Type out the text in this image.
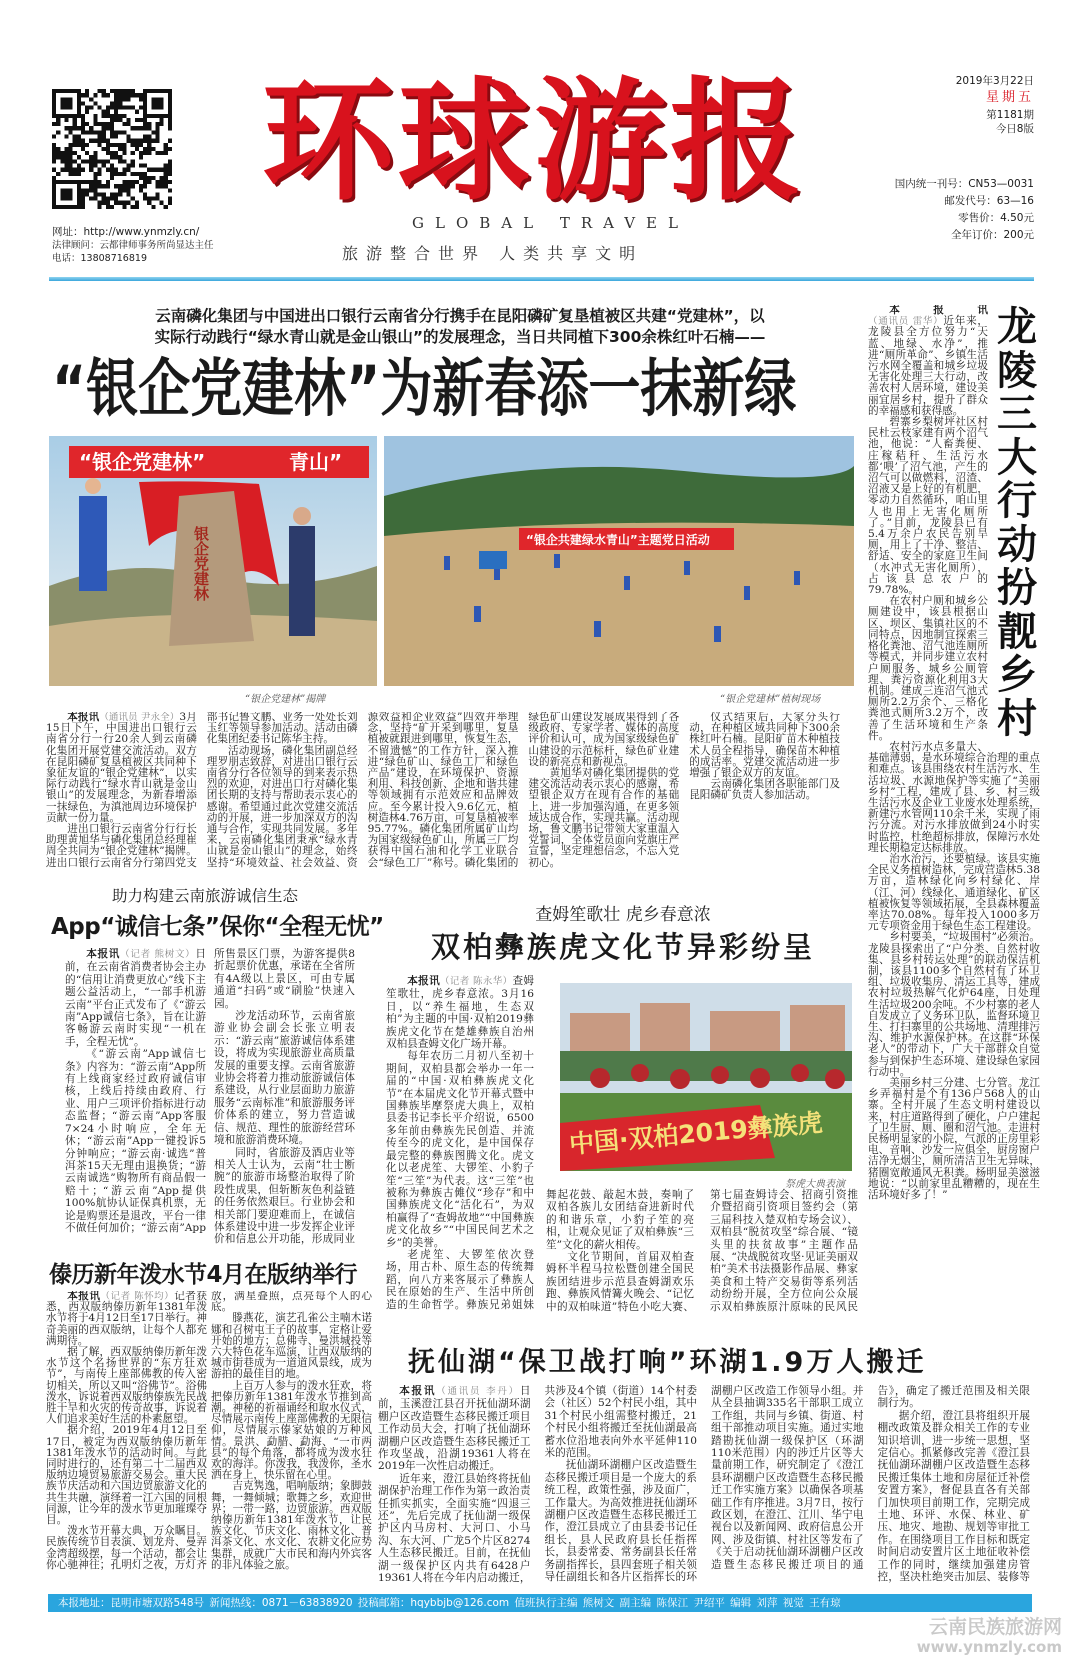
网址：http://www.ynmzly.cn/
法律顾问：云都律师事务所尚显达主任
电话：13808716819
环球游报
GLOBAL TRAVEL
旅游整合世界 人类共享文明
2019年3月22日
星期五
第1181期
今日8版
国内统一刊号：CN53—0031
邮发代号：63—16
零售价：4.50元
全年订价：200元
云南磷化集团与中国进出口银行云南省分行携手在昆阳磷矿复垦植被区共建“党建林”，以
实际行动践行“绿水青山就是金山银山”的发展理念，当日共同植下300余株红叶石楠——
“银企党建林”为新春添一抹新绿
“银企党建林”	青山”
银企党建林	“银企共建绿水青山”主题党日活动
“银企党建林”揭牌	“银企党建林”植树现场

本报讯（通讯员 尹永全）3月15日下午，中国进出口银行云南省分行一行20余人到云南磷化集团开展党建交流活动。双方在昆阳磷矿复垦植被区共同种下象征友谊的“银企党建林”，以实际行动践行“绿水青山就是金山银山”的发展理念，为新春增添一抹绿色，为滇池周边环境保护贡献一份力量。

进出口银行云南省分行行长助理黄旭华与磷化集团总经理崔周全共同为“银企党建林”揭牌。进出口银行云南省分行第四党支部书记鲁文鹏、业务一处处长刘玉红等领导参加活动。活动由磷化集团纪委书记陈华主持。

活动现场，磷化集团副总经理罗朋志致辞，对进出口银行云南省分行各位领导的到来表示热烈的欢迎，对进出口行对磷化集团长期的支持与帮助表示衷心的感谢。希望通过此次党建交流活动的开展，进一步加深双方的沟通与合作，实现共同发展。多年来，云南磷化集团秉承“绿水青山就是金山银山”的理念，始终坚持“环境效益、社会效益、资源效益和企业效益”四效并举理念，坚持“矿开采到哪里，复垦植被就跟进到哪里，恢复生态，不留遗憾”的工作方针，深入推进“绿色矿山、绿色工厂和绿色产品”建设，在环境保护、资源利用、科技创新、企地和谐共建等领域拥有示范效应和品牌效应。至今累计投入9.6亿元，植树造林4.76万亩，可复垦植被率95.77%。磷化集团所属矿山均为国家级绿色矿山，所属三厂均获得中国石油和化学工业联合会“绿色工厂”称号。磷化集团的绿色矿山建设发展成果得到了各级政府、专家学者、媒体的高度评价和认可，成为国家级绿色矿山建设的示范标杆，绿色矿业建设的新亮点和新视点。

黄旭华对磷化集团提供的党建交流活动表示衷心的感谢，希望银企双方在现有合作的基础上，进一步加强沟通，在更多领域达成合作，实现共赢。活动现场，鲁文鹏书记带领大家重温入党誓词，全体党员面向党旗庄严宣誓，坚定理想信念，不忘入党初心。

仪式结束后，大家分头行动，在种植区域共同种下300余株红叶石楠。昆阳矿苗木种植技术人员全程指导，确保苗木种植的成活率。党建交流活动进一步增强了银企双方的友谊。

云南磷化集团各职能部门及昆阳磷矿负责人参加活动。

龙陵三大行动扮靓乡村

本报讯（通讯员 雷华）近年来，龙陵县全方位努力“天蓝、地绿、水净”，推进“厕所革命”、乡镇生活污水网全覆盖和城乡垃圾无害化处理三大行动，改善农村人居环境，建设美丽宜居乡村，提升了群众的幸福感和获得感。

碧寨乡梨树坪社区村民杜云枝家建有两个沼气池，他说：“人畜粪便、庄稼秸秆、生活污水都‘喂’了沼气池，产生的沼气可以做燃料，沼渣、沼液又是上好的有机肥，零动力自然循环，咱山里人也用上无害化厕所了。”目前，龙陵县已有5.4万余户农民告别旱厕，用上了干净、整洁、舒适、安全的家庭卫生间（水冲式无害化厕所），占该县总农户的79.78%。

在农村户厕和城乡公厕建设中，该县根据山区、坝区、集镇社区的不同特点，因地制宜探索三格化粪池、沼气池连厕所等模式，并同步建立农村户厕服务、城乡公厕管理、粪污资源化利用3大机制。建成三连沼气池式厕所2.2万余个、三格化粪池式厕所3.2万个，改善了生活环境和生产条件。

农村污水点多量大、基础薄弱，是水环境综合治理的重点和难点。该县围绕农村生活污水、生活垃圾、水源地保护等实施了“美丽乡村”工程，建成了县、乡、村三级生活污水及企业工业废水处理系统，新建污水管网110余千米，实现了雨污分流。对污水排放做到24小时实时监控，杜绝超标排放，保障污水处理长期稳定达标排放。

治水治污，还要植绿。该县实施全民义务植树造林，完成营造林5.38万亩，造林绿化向乡村绿化、岸（江、河）线绿化、通道绿化、矿区植被恢复等领域拓展，全县森林覆盖率达70.08%。每年投入1000多万元专项资金用于绿色生态工程建设。

乡村要美，“垃圾围村”必须治。龙陵县探索出了“户分类、自然村收集、县乡村转运处理”的联动保洁机制，该县1100多个自然村有了环卫组、垃圾收集房、清运工具等，建成农村垃圾热解气化炉64座，日处理生活垃圾200余吨。不少村寨的老人自发成立了义务环卫队，监督环境卫生、打扫寨里的公共场地、清理排污沟、维护水源保护林。在这群“环保老人”的带动下，广大干部群众自觉参与到保护生态环境、建设绿色家园行动中。

美丽乡村三分建、七分管。龙江乡弄福村是个有136户568人的山寨。全村开展了生态文明村建设以来，村庄道路得到了硬化，户户建起了卫生厨、厕、圈和沼气池。走进村民杨明显家的小院，气派的正房里彩电、音响、沙发一应俱全，厨房窗户洁净无烟尘，厕所清洁卫生无异味，猪圈宽敞通风无积粪。杨明显美滋滋地说：“以前家里乱糟糟的，现在生活环境好多了！”

助力构建云南旅游诚信生态
App“诚信七条”保你“全程无忧”

本报讯（记者 熊树文）日前，在云南省消费者协会主办的“信用让消费更放心”线下主题公益活动上，“一部手机游云南”平台正式发布了《“游云南”App诚信七条》，旨在让游客畅游云南时实现“一机在手，全程无忧”。

《“游云南”App诚信七条》内容为：“游云南”App所有上线商家经过政府诚信审核，上线后持续由政府、行业、用户三项评价指标进行动态监督；“游云南”App客服7×24小时响应，全年无休；“游云南”App一键投诉5分钟响应；“游云南·诚选”普洱茶15天无理由退换货；“游云南诚选”购物所有商品假一赔十；“游云南”App提供100%航协认证保真机票，无论是购票还是退改，平台一律不做任何加价；“游云南”App所售景区门票，为游客提供8折起票价优惠，承诺在全省所有4A级以上景区，可由专属通道“扫码”或“刷脸”快速入园。

沙龙活动环节，云南省旅游业协会副会长张立明表示：“游云南”旅游诚信体系建设，将成为实现旅游业高质量发展的重要支撑。云南省旅游业协会将着力推动旅游诚信体系建设，从行业层面助力旅游服务“云南标准”和旅游服务评价体系的建立，努力营造诚信、规范、理性的旅游经营环境和旅游消费环境。

同时，省旅游及酒店业等相关人士认为，云南“壮士断腕”的旅游市场整治取得了阶段性成果，但斩断灰色利益链的任务依然艰巨。行业协会和相关部门要迎难而上，在诚信体系建设中进一步发挥企业评价和信息公开功能，形成同业

查姆笙歌壮 虎乡春意浓
双柏彝族虎文化节异彩纷呈
中国·双柏2019彝族虎
祭虎大典表演

本报讯（记者 陈永华）查姆笙歌壮，虎乡春意浓。3月16日，以“养生福地，生态双柏”为主题的中国·双柏2019彝族虎文化节在楚雄彝族自治州双柏县查姆文化广场开幕。

每年农历二月初八至初十期间，双柏县都会举办一年一届的“中国·双柏彝族虎文化节”在本届虎文化节开幕式暨中国彝族毕摩祭虎大典上，双柏县委书记李长平介绍说，6500多年前由彝族先民创造、并流传至今的虎文化，是中国保存最完整的彝族图腾文化。虎文化以老虎笙、大锣笙、小豹子笙“三笙”为代表。这“三笙”也被称为彝族古傩仪“珍存”和中国彝族虎文化“活化石”，为双柏赢得了“查姆故地”“中国彝族虎文化故乡”“中国民间艺术之乡”的美誉。

老虎笙、大锣笙依次登场，用古朴、原生态的传统舞蹈，向八方来客展示了彝族人民在原始的生产、生活中所创造的生命哲学。彝族兄弟姐妹

舞起花鼓、敲起木鼓，奏响了双柏各族儿女团结奋进新时代的和谐乐章，小豹子笙的亮相，让观众见证了双柏彝族“三笙”文化的薪火相传。

文化节期间，首届双柏查姆杯半程马拉松暨创建全国民族团结进步示范县查姆湖欢乐跑、彝族风情篝火晚会、“记忆中的双柏味道”特色小吃大赛、

第七届查姆诗会、招商引资推介暨招商引资项目签约会（第三届科技入楚双柏专场会议）、双柏县“脱贫攻坚”综合展、“镜头里的扶贫故事”主题作品展、“决战脱贫攻坚·见证美丽双柏”美术书法摄影作品展、彝家美食和土特产交易街等系列活动纷纷开展，全方位向公众展示双柏彝族原汁原味的民风民

傣历新年泼水节4月在版纳举行

本报讯（记者 陈怀均）记者获悉，西双版纳傣历新年1381年泼水节将于4月12日至17日举行。神奇美丽的西双版纳，让每个人都充满期待。

据了解，西双版纳傣历新年泼水节这个名扬世界的“东方狂欢节”，与南传上座部佛教的传入密切相关，所以又叫“浴佛节”。浴佛泼水，诉说着西双版纳傣族先民战胜干旱和火灾的传奇故事，诉说着人们追求美好生活的朴素愿望。

据介绍，2019年4月12日至17日，被定为西双版纳傣历新年1381年泼水节的活动时间。与此同时进行的，还有第二十二届西双版纳边境贸易旅游交易会。重大民族节庆活动和六国边贸旅游文化的共生共融，演绎着一江六国的同根同源，让今年的泼水节更加璀璨夺目。

泼水节开幕大典，万众瞩目。民族传统节目表演、划龙舟、曼弄金湾超级摆，每一个活动，都会让你心驰神往；孔明灯之夜，万灯齐放，满星叠照，点亮每个人的心底。

滕燕花，演艺孔雀公主喃木诺娜和召树屯王子的故事，定格让爱开始的地方；总佛寺、曼洪城投等六大特色花车巡演，让西双版纳的城市街巷成为一道道风景线，成为游拍的最佳目的地。

上百万人参与的泼水狂欢，将把傣历新年1381年泼水节推到高潮。神秘的祈福诵经和取水仪式，尽情展示南传上座部佛教的无限信仰，尽情展示傣家姑娘的万种风情。景洪、勐腊、勐海、“一市两县”的每个角落，都将成为泼水狂欢的海洋。你泼我，我泼你，圣水洒在身上，快乐留在心里。

吉克隽逸，唱响版纳；象脚鼓舞，一舞倾城；歌舞之乡，欢迎世界；一带一路，边贸旅游。西双版纳傣历新年1381年泼水节，让民族文化、节庆文化、雨林文化、普洱茶文化、水文化、农耕文化应势集群，成就广大市民和海内外宾客的非凡体验之旅。

抚仙湖“保卫战打响”环湖1.9万人搬迁

本报讯（通讯员 李丹）日前，玉溪澄江县召开抚仙湖环湖棚户区改造暨生态移民搬迁项目工作动员大会，打响了抚仙湖环湖棚户区改造暨生态移民搬迁工作攻坚战，沿湖19361人将在2019年一次性启动搬迁。

近年来，澄江县始终将抚仙湖保护治理工作作为第一政治责任抓实抓实，全面实施“四退三还”，先后完成了抚仙湖一级保护区内马房村、大河口、小马沟、东大河、广龙5个片区8274人生态移民搬迁。目前，在抚仙湖一级保护区内共有6428户19361人将在今年内启动搬迁，共涉及4个镇（街道）14个村委会（社区）52个村民小组，其中31个村民小组需整村搬迁，21个村民小组将搬迁至抚仙湖最高蓄水位沿地表向外水平延伸110米的范围。

抚仙湖环湖棚户区改造暨生态移民搬迁项目是一个庞大的系统工程，政策性强，涉及面广，工作量大。为高效推进抚仙湖环湖棚户区改造暨生态移民搬迁工作，澄江县成立了由县委书记任组长，县人民政府县长任指挥长，县委常委、常务副县长任常务副指挥长，县四套班子相关领导任副组长和各片区指挥长的环湖棚户区改造工作领导小组。并从全县抽调335名干部职工成立工作组，共同与乡镇、街道、村组干部推动项目实施。通过实地踏勘抚仙湖一级保护区（环湖110米范围）内的涉迁片区等大量前期工作，研究制定了《澄江县环湖棚户区改造暨生态移民搬迁工作实施方案》以确保各项基础工作有序推进。3月7日，按行政区划，在澄江、江川、华宁电视台以及新闻网、政府信息公开网、涉及街镇、村社区等发布了《关于启动抚仙湖环湖棚户区改造暨生态移民搬迁项目的通告》，确定了搬迁范围及相关限制行为。

据介绍，澄江县将组织开展棚改政策及群众相关工作的专业知识培训，进一步统一思想，坚定信心。抓紧修改完善《澄江县抚仙湖环湖棚户区改造暨生态移民搬迁集体土地和房屋征迁补偿安置方案》，督促县直各有关部门加快项目前期工作，完期完成土地、环评、水保、林业、矿压、地灾、地勘、规划等审批工作。在围绕项目工作目标和既定时间启动安置片区土地征收补偿工作的同时，继续加强建房管控，坚决杜绝突击加层、装修等

本报地址：昆明市塘双路548号 新闻热线：0871－63838920 投稿邮箱：hqybbjb@126.com 值班执行主编 熊树文 副主编 陈保江 尹绍平 编辑 刘萍 视觉 王有琼
云南民族旅游网
www.ynmzly.com
